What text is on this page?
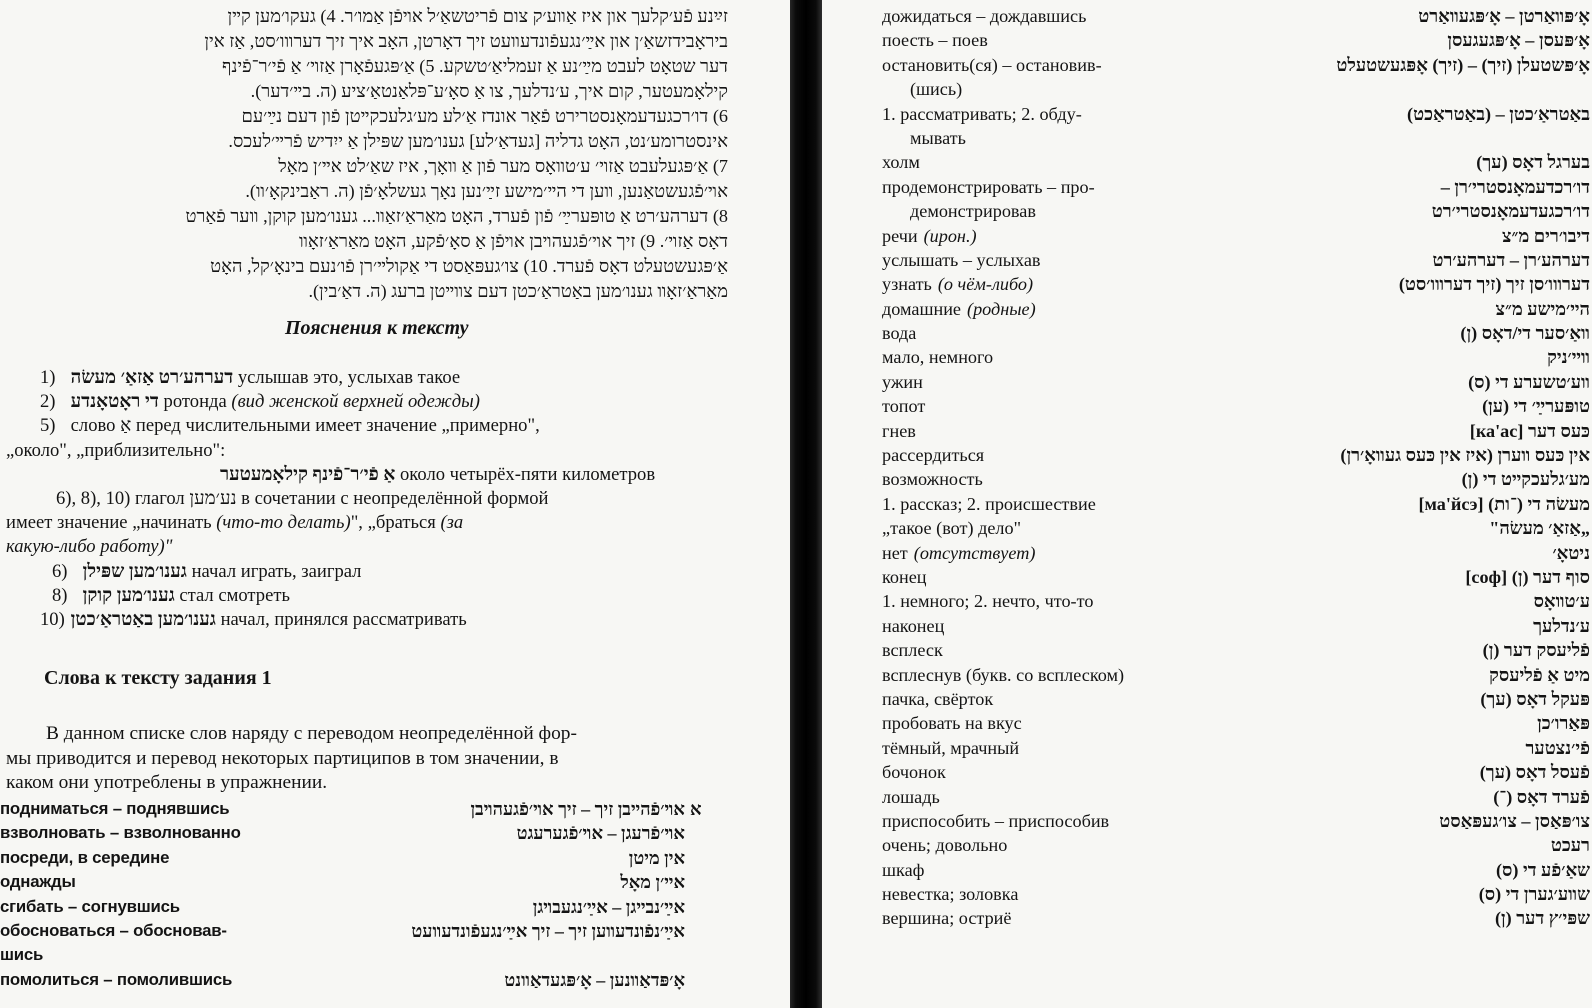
זײַנע פֿע׳קלעך און איז אַװע׳ק צום פֿריטשאַ׳ל אױפֿן אַמו׳ר. 4) געקו׳מען קײן
ביראָבידזשאַ׳ן און אײַ׳נגעפֿונדעװעט זיך דאָרטן, האָב איך זיך דערװו׳סט, אַז אין
דער שטאָט לעבט מײַ׳נע אַ זעמליאַ׳טשקע. 5) אַ׳פּגעפֿאָרן אַזױ׳ אַ פֿי׳ר־פֿינף
קילאָמעטער, קום איך, ע׳נדלעך, צו אַ סאָ׳ע־פּלאַנטאַ׳ציע (ה. בײ׳דער).
6) דו׳רכגעדעמאָנסטרירט פֿאַר אונדז אַ׳לע מע׳גלעכקײטן פֿון דעם נײַ׳עם
אינסטרומע׳נט, האָט גדליה [געדאַ׳לע] גענו׳מען שפּילן אַ ייִדיש פֿרײ׳לעכס.
7) אַ׳פּגעלעבט אַזױ׳ ע׳טװאָס מער פֿון אַ װאָך, איז שאַ׳לט אײ׳ן מאָל
אױ׳פֿגעשטאַנען, װען די הײ׳מישע זײַ׳נען נאָך געשלאָ׳פֿן (ה. ראַבינקאָ׳װ).
8) דערהע׳רט אַ טופּערײַ׳ פֿון פֿערד, האָט מאַראַ׳זאַװ... גענו׳מען קוקן, װער פֿאַרט
דאָס אַזױ׳. 9) זיך אױ׳פֿגעהױבן אױפֿן אַ סאָ׳פֿקע, האָט מאַראַ׳זאָװ
אַ׳פּגעשטעלט דאָס פֿערד. 10) צו׳געפּאַסט די אַקולײ׳רן פֿו׳נעם בינאָ׳קל, האָט
מאַראַ׳זאָװ גענו׳מען באַטראַ׳כטן דעם צװײטן ברעג (ה. דאַ׳בין).
Пояснения к тексту
1) דערהע׳רט אַזאַ׳ מעשׂה услышав это, услыхав такое
2) די ראָטאָנדע ротонда (вид женской верхней одежды)
5) слово אַ перед числительными имеет значение „примерно",
„около", „приблизительно":
אַ פֿי׳ר־פֿינף קילאָמעטער около четырёх-пяти километров
6), 8), 10) глагол נע׳מען в сочетании с неопределённой формой
имеет значение „начинать (что-то делать)", „браться (за
какую-либо работу)"
6) גענו׳מען שפּילן начал играть, заиграл
8) גענו׳מען קוקן стал смотреть
10) גענו׳מען באַטראַ׳כטן начал, принялся рассматривать
Слова к тексту задания 1
В данном списке слов наряду с переводом неопределённой фор-
мы приводится и перевод некоторых партиципов в том значении, в
каком они употреблены в упражнении.
א
подниматься – поднявшись	אױ׳פֿהײבן זיך – זיך אױ׳פֿגעהױבן
взволновать – взволнованно	אױ׳פֿרעגן – אױ׳פֿגערעגט
посреди, в середине	אין מיטן
однажды	אײ׳ן מאָל
сгибать – согнувшись	אײַ׳נבײגן – אײַ׳נגעבױגן
обосноваться – обосновав-	אײַ׳נפֿונדעװען זיך – זיך אײַ׳נגעפֿונדעװעט
шись
помолиться – помолившись	אָ׳פּדאַװנען – אָ׳פּגעדאַװנט
дожидаться – дождавшись	אָ׳פּװאַרטן – אָ׳פּגעװאַרט
поесть – поев	אָ׳פּעסן – אָ׳פּגעגעסן
остановить(ся) – остановив-	אָ׳פּשטעלן (זיך) – (זיך) אָפּגעשטעלט
(шись)
1. рассматривать; 2. обду-	באַטראַ׳כטן – (באַטראַכט)
мывать
холм	בערגל דאָס (עך)
продемонстрировать – про-	דו׳רכדעמאָנסטרי׳רן –
демонстрировав	דו׳רכגעדעמאָנסטרי׳רט
речи (ирон.)	דיבו׳רים מ״צ
услышать – услыхав	דערהע׳רן – דערהע׳רט
узнать (о чём-либо)	דערװו׳סן זיך (זיך דערװו׳סט)
домашние (родные)	הײ׳מישע מ״צ
вода	װאַ׳סער די/דאָס (ן)
мало, немного	װײ׳ניק
ужин	װע׳טשערע די (ס)
топот	טופּערײַ׳ די (ען)
гнев	כּעס דער [ка'ас]
рассердиться	אין כּעס װערן (איז אין כּעס געװאָ׳רן)
возможность	מע׳גלעכקײט די (ן)
1. рассказ; 2. происшествие	מעשׂה די (־ות) [ма'йсэ]
„такое (вот) дело"	„אַזאַ׳ מעשׂה"
нет (отсутствует)	ניטאָ׳
конец	סוף דער (ן) [соф]
1. немного; 2. нечто, что-то	ע׳טװאָס
наконец	ע׳נדלעך
всплеск	פֿליעסק דער (ן)
всплеснув (букв. со всплеском)	מיט אַ פֿליעסק
пачка, свёрток	פּעקל דאָס (עך)
пробовать на вкус	פּאַרו׳כן
тёмный, мрачный	פֿי׳נצטער
бочонок	פֿעסל דאָס (עך)
лошадь	פֿערד דאָס (־)
приспособить – приспособив	צו׳פּאַסן – צו׳געפּאַסט
очень; довольно	רעכט
шкаф	שאַ׳פֿע די (ס)
невестка; золовка	שװע׳גערן די (ס)
вершина; остриё	שפּי׳ץ דער (ן)
